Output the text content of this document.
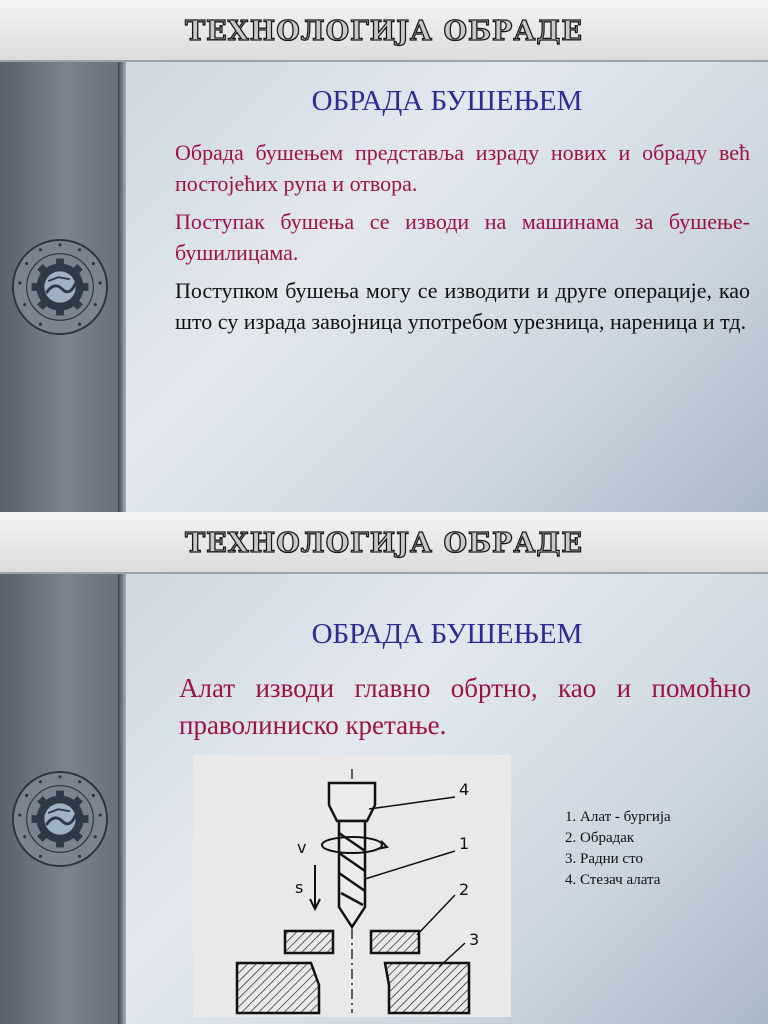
ТЕХНОЛОГИЈА ОБРАДЕ
ОБРАДА БУШЕЊЕМ

Обрада бушењем представља израду нових и обраду већ постојећих рупа и отвора.

Поступак бушења се изводи на машинама за бушење-бушилицама.

Поступком бушења могу се изводити и друге операције, као што су израда завојница употребом урезница, нареница и тд.

ТЕХНОЛОГИЈА ОБРАДЕ
ОБРАДА БУШЕЊЕМ

Алат изводи главно обртно, као и помоћно праволиниско кретање.

4
1
2
3
v
s
1. Алат - бургија
2. Обрадак
3. Радни сто
4. Стезач алата
